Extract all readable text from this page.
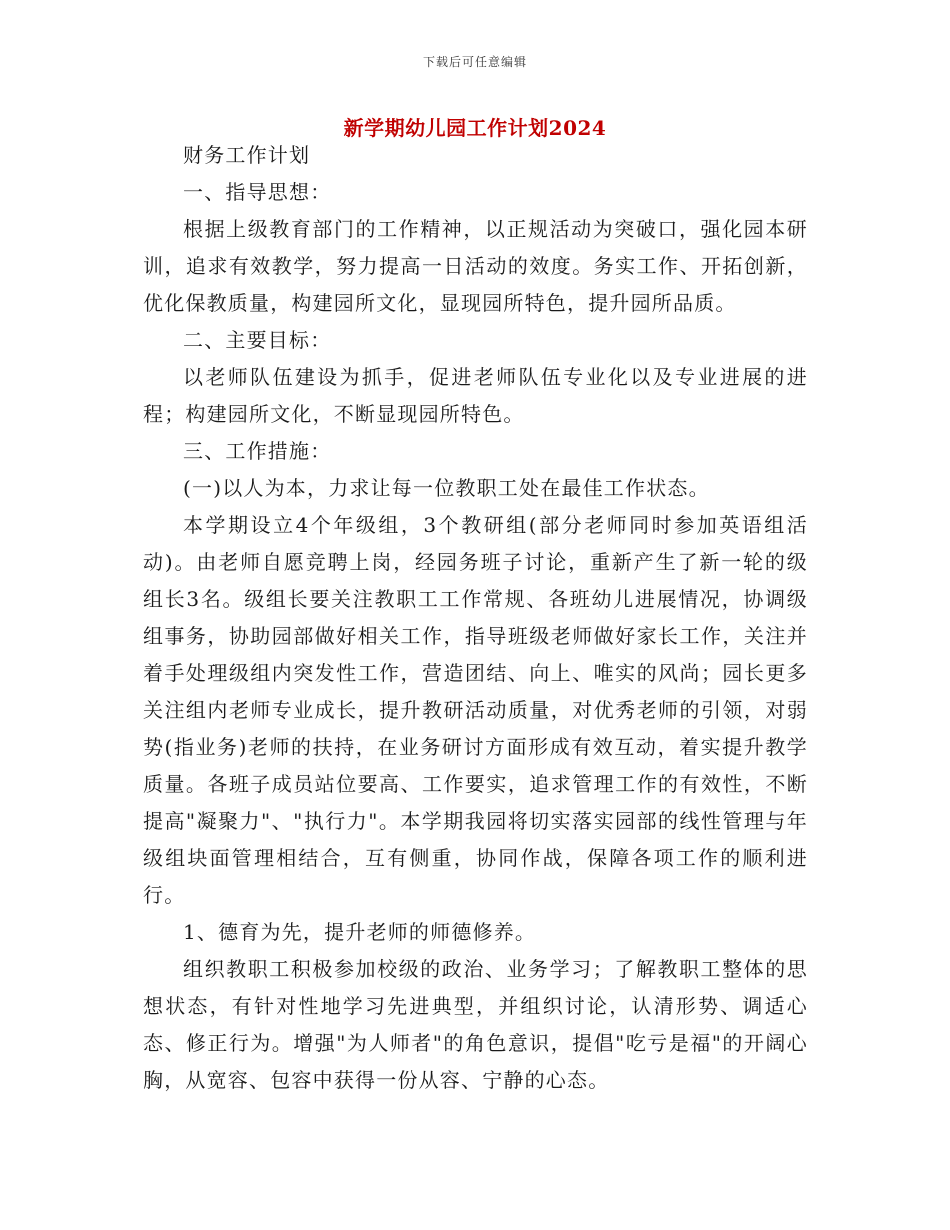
下载后可任意编辑
新学期幼儿园工作计划2024

财务工作计划

一、指导思想：

根据上级教育部门的工作精神，以正规活动为突破口，强化园本研训，追求有效教学，努力提高一日活动的效度。务实工作、开拓创新，优化保教质量，构建园所文化，显现园所特色，提升园所品质。

二、主要目标：

以老师队伍建设为抓手，促进老师队伍专业化以及专业进展的进程；构建园所文化，不断显现园所特色。

三、工作措施：

(一)以人为本，力求让每一位教职工处在最佳工作状态。

本学期设立4个年级组，3个教研组(部分老师同时参加英语组活动)。由老师自愿竞聘上岗，经园务班子讨论，重新产生了新一轮的级组长3名。级组长要关注教职工工作常规、各班幼儿进展情况，协调级组事务，协助园部做好相关工作，指导班级老师做好家长工作，关注并着手处理级组内突发性工作，营造团结、向上、唯实的风尚；园长更多关注组内老师专业成长，提升教研活动质量，对优秀老师的引领，对弱势(指业务)老师的扶持，在业务研讨方面形成有效互动，着实提升教学质量。各班子成员站位要高、工作要实，追求管理工作的有效性，不断提高"凝聚力"、"执行力"。本学期我园将切实落实园部的线性管理与年级组块面管理相结合，互有侧重，协同作战，保障各项工作的顺利进行。

1、德育为先，提升老师的师德修养。

组织教职工积极参加校级的政治、业务学习；了解教职工整体的思想状态，有针对性地学习先进典型，并组织讨论，认清形势、调适心态、修正行为。增强"为人师者"的角色意识，提倡"吃亏是福"的开阔心胸，从宽容、包容中获得一份从容、宁静的心态。
